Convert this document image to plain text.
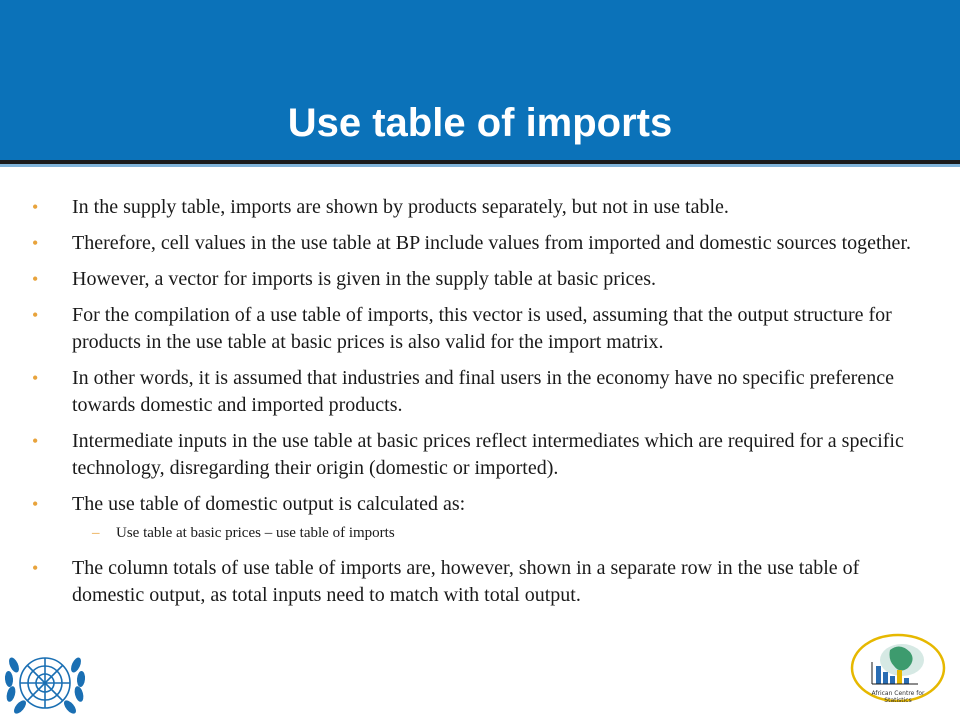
Use table of imports
• In the supply table, imports are shown by products separately, but not in use table.
• Therefore, cell values in the use table at BP include values from imported and domestic sources together.
• However, a vector for imports is given in the supply table at basic prices.
• For the compilation of a use table of imports, this vector is used, assuming that the output structure for products in the use table at basic prices is also valid for the import matrix.
• In other words, it is assumed that industries and final users in the economy have no specific preference towards domestic and imported products.
• Intermediate inputs in the use table at basic prices reflect intermediates which are required for a specific technology, disregarding their origin (domestic or imported).
• The use table of domestic output is calculated as:
– Use table at basic prices – use table of imports
• The column totals of use table of imports are, however, shown in a separate row in the use table of domestic output, as total inputs need to match with total output.
African Centre for
Statistics
